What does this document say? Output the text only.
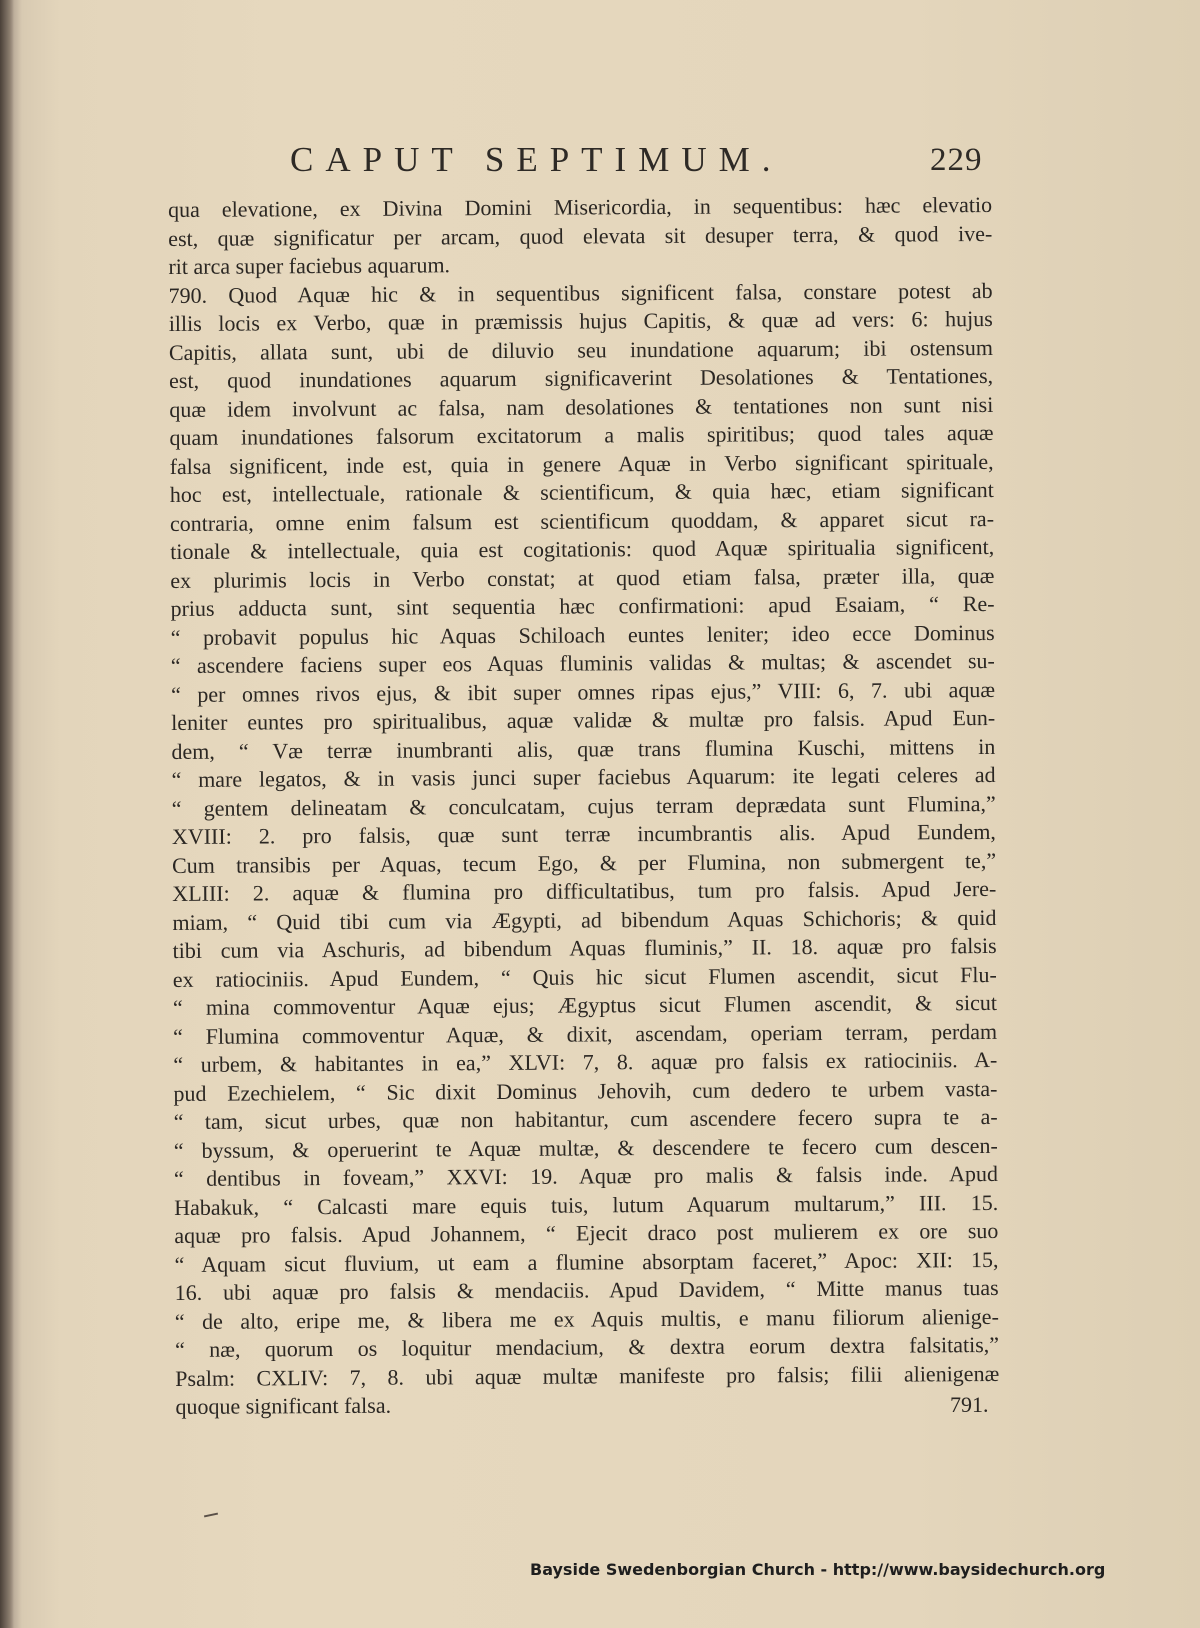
CAPUT SEPTIMUM.	229
qua elevatione, ex Divina Domini Misericordia, in sequentibus: hæc elevatio
est, quæ significatur per arcam, quod elevata sit desuper terra, & quod ive-
rit arca super faciebus aquarum.
790. Quod Aquæ hic & in sequentibus significent falsa, constare potest ab
illis locis ex Verbo, quæ in præmissis hujus Capitis, & quæ ad vers: 6: hujus
Capitis, allata sunt, ubi de diluvio seu inundatione aquarum; ibi ostensum
est, quod inundationes aquarum significaverint Desolationes & Tentationes,
quæ idem involvunt ac falsa, nam desolationes & tentationes non sunt nisi
quam inundationes falsorum excitatorum a malis spiritibus; quod tales aquæ
falsa significent, inde est, quia in genere Aquæ in Verbo significant spirituale,
hoc est, intellectuale, rationale & scientificum, & quia hæc, etiam significant
contraria, omne enim falsum est scientificum quoddam, & apparet sicut ra-
tionale & intellectuale, quia est cogitationis: quod Aquæ spiritualia significent,
ex plurimis locis in Verbo constat; at quod etiam falsa, præter illa, quæ
prius adducta sunt, sint sequentia hæc confirmationi: apud Esaiam, “ Re-
“ probavit populus hic Aquas Schiloach euntes leniter; ideo ecce Dominus
“ ascendere faciens super eos Aquas fluminis validas & multas; & ascendet su-
“ per omnes rivos ejus, & ibit super omnes ripas ejus,” VIII: 6, 7. ubi aquæ
leniter euntes pro spiritualibus, aquæ validæ & multæ pro falsis. Apud Eun-
dem, “ Væ terræ inumbranti alis, quæ trans flumina Kuschi, mittens in
“ mare legatos, & in vasis junci super faciebus Aquarum: ite legati celeres ad
“ gentem delineatam & conculcatam, cujus terram deprædata sunt Flumina,”
XVIII: 2. pro falsis, quæ sunt terræ incumbrantis alis. Apud Eundem,
Cum transibis per Aquas, tecum Ego, & per Flumina, non submergent te,”
XLIII: 2. aquæ & flumina pro difficultatibus, tum pro falsis. Apud Jere-
miam, “ Quid tibi cum via Ægypti, ad bibendum Aquas Schichoris; & quid
tibi cum via Aschuris, ad bibendum Aquas fluminis,” II. 18. aquæ pro falsis
ex ratiociniis. Apud Eundem, “ Quis hic sicut Flumen ascendit, sicut Flu-
“ mina commoventur Aquæ ejus; Ægyptus sicut Flumen ascendit, & sicut
“ Flumina commoventur Aquæ, & dixit, ascendam, operiam terram, perdam
“ urbem, & habitantes in ea,” XLVI: 7, 8. aquæ pro falsis ex ratiociniis. A-
pud Ezechielem, “ Sic dixit Dominus Jehovih, cum dedero te urbem vasta-
“ tam, sicut urbes, quæ non habitantur, cum ascendere fecero supra te a-
“ byssum, & operuerint te Aquæ multæ, & descendere te fecero cum descen-
“ dentibus in foveam,” XXVI: 19. Aquæ pro malis & falsis inde. Apud
Habakuk, “ Calcasti mare equis tuis, lutum Aquarum multarum,” III. 15.
aquæ pro falsis. Apud Johannem, “ Ejecit draco post mulierem ex ore suo
“ Aquam sicut fluvium, ut eam a flumine absorptam faceret,” Apoc: XII: 15,
16. ubi aquæ pro falsis & mendaciis. Apud Davidem, “ Mitte manus tuas
“ de alto, eripe me, & libera me ex Aquis multis, e manu filiorum alienige-
“ næ, quorum os loquitur mendacium, & dextra eorum dextra falsitatis,”
Psalm: CXLIV: 7, 8. ubi aquæ multæ manifeste pro falsis; filii alienigenæ
quoque significant falsa.	791.
Bayside Swedenborgian Church - http://www.baysidechurch.org
